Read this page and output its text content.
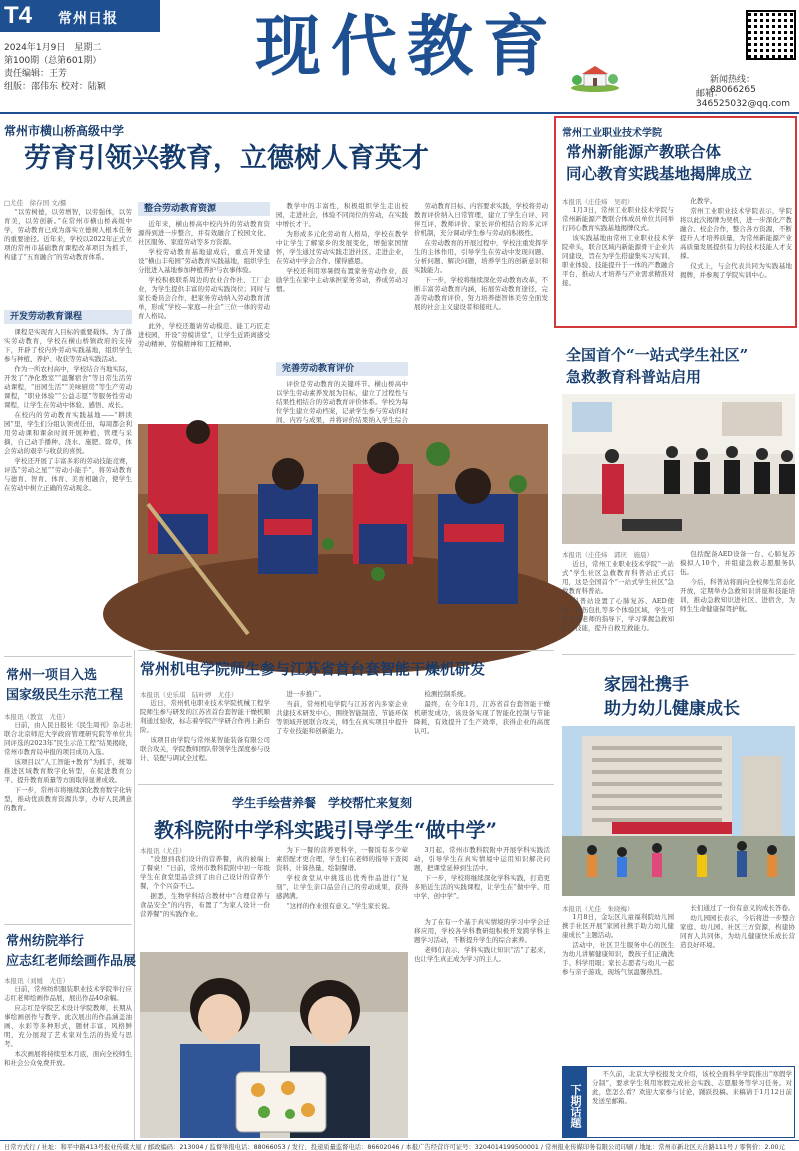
T4 常州日报
2024年1月9日　星期二
第100期（总第601期）
责任编辑：王芳
组版：邵伟东 校对：陆颖
现代教育	新闻热线：88066265
邮箱：346525032@qq.com
常州市横山桥高级中学
劳育引领兴教育，立德树人育英才
□尤佳　徐存国 文/摄

“以劳树德，以劳增智，以劳强体，以劳育美，以劳创新。”在常州市横山桥高级中学，劳动教育已成为落实立德树人根本任务的重要途径。近年来，学校以2022年正式立项的常州市基础教育课程改革项目为抓手，构建了“五育融合”的劳动教育体系。

开发劳动教育课程

课程是实现育人目标的重要载体。为了落实劳动教育，学校在横山桥镇政府的支持下，开辟了校内外劳动实践基地，组织学生参与种植、养护、收获等劳动实践活动。

作为一所农村高中，学校结合当地实际，开发了“净化教室”“温馨宿舍”等日常生活劳动课程，“田园生活”“美味厨房”等生产劳动课程，“职业体验”“公益志愿”等服务性劳动课程，让学生在劳动中体验、感悟、成长。

在校内的劳动教育实践基地——“耕读园”里，学生们分组认领责任田，每周都会利用劳动课和课余时间开展种植、管理与采摘，自己动手播种、浇水、施肥、除草，体会劳动的艰辛与收获的喜悦。

学校还开展了丰富多彩的劳动技能竞赛，评选“劳动之星”“劳动小能手”，将劳动教育与德育、智育、体育、美育相融合，使学生在劳动中树立正确的劳动观念。

整合劳动教育资源

近年来，横山桥高中校内外的劳动教育资源得到进一步整合，并有效融合了校园文化、社区服务、家庭劳动等多方资源。

学校劳动教育基地建成后，重点开发建设“横山丰苑园”劳动教育实践基地，组织学生分批进入基地参加种植养护与农事体验。

学校积极联系周边的农业合作社、工厂企业，为学生提供丰富的劳动实践岗位；同时与家长委员会合作，把家务劳动纳入劳动教育清单，形成“学校—家庭—社会”三位一体的劳动育人格局。

此外，学校还邀请劳动模范、能工巧匠走进校园，开设“劳模讲堂”，让学生近距离感受劳动精神、劳模精神和工匠精神。

教学中的丰富性，积极组织学生走出校园，走进社会，体验不同岗位的劳动，在实践中增长才干。

为形成多元化劳动育人格局，学校在教学中让学生了解家乡的发展变化，增强家国情怀，学生通过劳动实践走进社区、走进企业，在劳动中学会合作、懂得感恩。

学校还利用寒暑假布置家务劳动作业，鼓励学生在家中主动承担家务劳动，养成劳动习惯。

完善劳动教育评价

评价是劳动教育的关键环节。横山桥高中以学生劳动素养发展为目标，建立了过程性与结果性相结合的劳动教育评价体系。学校为每位学生建立劳动档案，记录学生参与劳动的时间、内容与成果，并将评价结果纳入学生综合

劳动教育目标、内容要求实践，学校将劳动教育评价纳入日常管理，建立了学生自评、同伴互评、教师评价、家长评价相结合的多元评价机制，充分调动学生参与劳动的积极性。

在劳动教育的开展过程中，学校注重发挥学生的主体作用，引导学生在劳动中发现问题、分析问题、解决问题，培养学生的创新意识和实践能力。

下一步，学校将继续深化劳动教育改革，不断丰富劳动教育内涵，拓展劳动教育途径，完善劳动教育评价，努力培养德智体美劳全面发展的社会主义建设者和接班人。

常州工业职业技术学院
常州新能源产教联合体
同心教育实践基地揭牌成立
本报讯（庄佳炜　吴玥）

1月3日，常州工业职业技术学院与常州新能源产教联合体成员单位共同举行同心教育实践基地揭牌仪式。

该实践基地由常州工业职业技术学院牵头，联合区域内新能源骨干企业共同建设，旨在为学生搭建集实习实训、职业体验、技能提升于一体的产教融合平台，推动人才培养与产业需求精准对接。

化教学。

常州工业职业技术学院表示，学院将以此次揭牌为契机，进一步深化产教融合、校企合作，整合各方资源，不断提升人才培养质量，为常州新能源产业高质量发展提供有力的技术技能人才支撑。

仪式上，与会代表共同为实践基地揭牌，并参观了学院实训中心。

全国首个“一站式学生社区”
急救教育科普站启用
本报讯（庄佳炜　郭庆　施晨）

近日，常州工业职业技术学院“一站式”学生社区急救教育科普站正式启用，这是全国首个“一站式学生社区”急救教育科普站。

科普站设置了心肺复苏、AED使用、创伤包扎等多个体验区域，学生可在专业老师的指导下，学习掌握急救知识与技能，提升自救互救能力。

包括配备AED设备一台、心肺复苏模拟人10个，并组建急救志愿服务队伍。

今后，科普站将面向全校师生常态化开放，定期举办急救知识讲座和技能培训，推动急救知识进社区、进宿舍，为师生生命健康保驾护航。

常州机电学院师生参与江苏省首台套智能干燥机研发
本报讯（史乐琪　陆叶婷　尤佳）

近日，常州机电职业技术学院机械工程学院师生参与研发的江苏省首台套智能干燥机顺利通过验收，标志着学院产学研合作再上新台阶。

该项目由学院与常州某智能装备有限公司联合攻关，学院教师团队带领学生深度参与设计、装配与调试全过程。

进一步推广。

当前，常州机电学院与江苏省内多家企业共建技术研发中心，围绕智能制造、节能环保等领域开展联合攻关，师生在真实项目中提升了专业技能和创新能力。

检测控制系统。

最终，在今年1月，江苏省首台套智能干燥机研发成功，该设备实现了智能化控制与节能降耗，有效提升了生产效率，获得企业的高度认可。

学生手绘营养餐　学校帮忙来复刻
教科院附中学科实践引导学生“做中学”
本报讯（尤佳）

“没想到我们设计的营养餐，真的被端上了餐桌！”日前，常州市教科院附中初一年级学生在食堂里品尝到了由自己设计的营养午餐，个个兴奋不已。

据悉，生物学科结合教材中“合理营养与食品安全”的内容，布置了“为家人设计一份营养餐”的实践作业。

为下一餐的营养更科学，一餐饭有多少荤素搭配才更合理，学生们在老师的指导下查阅资料、计算热量、绘制餐谱。

学校食堂从中挑选出优秀作品进行“复刻”，让学生亲口品尝自己的劳动成果，获得感满满。

“这样的作业很有意义。”学生家长说。

3月起，常州市教科院附中开展学科实践活动，引导学生在真实情境中运用知识解决问题，把课堂延伸到生活中。

下一步，学校将继续深化学科实践，打造更多贴近生活的实践课程，让学生在“做中学、用中学、创中学”。

为了在有一个基于真实情境的学习中学会迁移应用，学校各学科教研组积极开发跨学科主题学习活动，不断提升学生的综合素养。

老师们表示，学科实践让知识“活”了起来，也让学生真正成为学习的主人。

常州一项目入选
国家级民生示范工程
本报讯（教宣　尤佳）

日前，由人民日报社《民生周刊》杂志社联合北京师范大学政府管理研究院等单位共同评选的2023年“民生示范工程”结果揭晓，常州市教育局申报的项目成功入选。

该项目以“人工智能+教育”为抓手，统筹推进区域教育数字化转型，在促进教育公平、提升教育质量等方面取得显著成效。

下一步，常州市将继续深化教育数字化转型，推动优质教育资源共享，办好人民满意的教育。

常州纺院举行
应志红老师绘画作品展
本报讯（刘媛　尤佳）

日前，常州纺织服装职业技术学院举行应志红老师绘画作品展，展出作品40余幅。

应志红是学院艺术设计学院教师，长期从事绘画创作与教学。此次展出的作品涵盖油画、水彩等多种形式，题材丰富、风格鲜明，充分展现了艺术家对生活的热爱与思考。

本次画展将持续至本月底，面向全校师生和社会公众免费开放。

家园社携手
助力幼儿健康成长
本报讯（尤佳　朱晓梅）

1月8日，金坛区儿童福利院幼儿园携手社区开展“家园社携手助力幼儿健康成长”主题活动。

活动中，社区卫生服务中心的医生为幼儿讲解健康知识，教孩子们正确洗手、科学用眼；家长志愿者与幼儿一起参与亲子游戏，现场气氛温馨热烈。

长们通过了一份有意义的成长答卷。

幼儿园园长表示，今后将进一步整合家庭、幼儿园、社区三方资源，构建协同育人共同体，为幼儿健康快乐成长营造良好环境。

下期话题

不久前，北京大学校报发文介绍，该校全面科学学院推出“寒假学分制”，要求学生利用寒假完成社会实践、志愿服务等学习任务。对此，您怎么看？欢迎大家参与讨论，踊跃投稿。来稿请于1月12日前发送至邮箱。

日常方式行 / 社址：和平中路413号报业传媒大厦 / 邮政编码：213004 / 监督举报电话：88066053 / 发行、投递质量监督电话：86602046 / 本报广告经营许可证号：3204014199500001 / 常州报业传媒印务有限公司印刷 / 地址：常州市新北区天合路111号 / 零售价：2.00元
